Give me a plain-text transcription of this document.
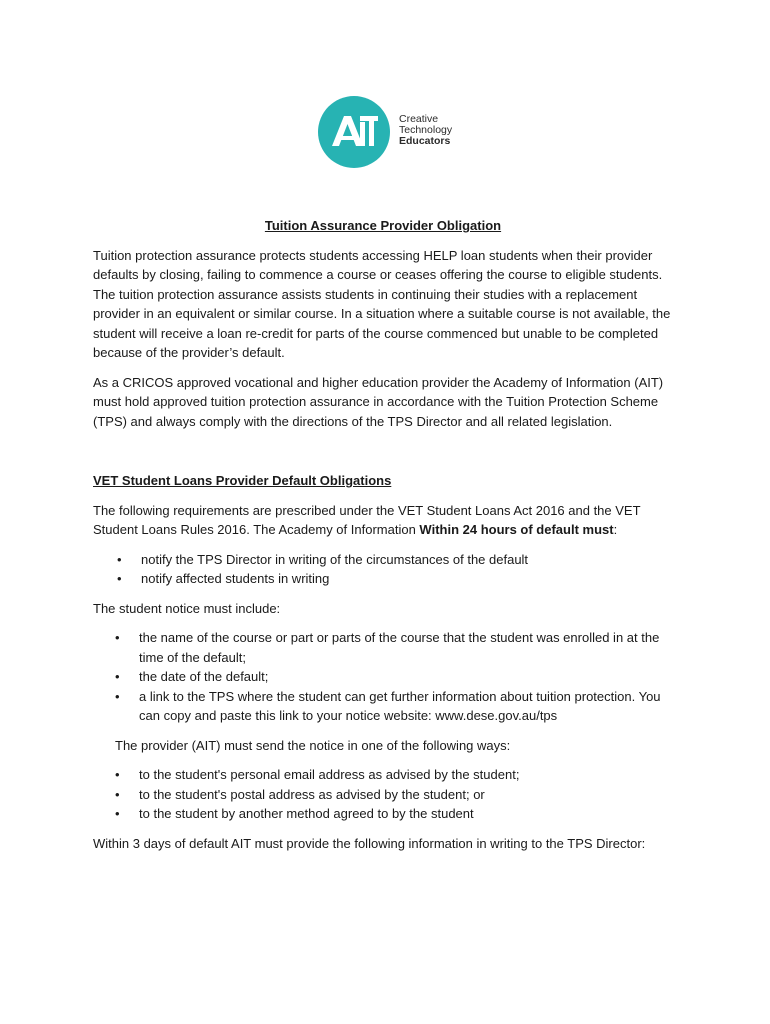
Creative
Technology
Educators
Tuition Assurance Provider Obligation

Tuition protection assurance protects students accessing HELP loan students when their provider defaults by closing, failing to commence a course or ceases offering the course to eligible students. The tuition protection assurance assists students in continuing their studies with a replacement provider in an equivalent or similar course. In a situation where a suitable course is not available, the student will receive a loan re-credit for parts of the course commenced but unable to be completed because of the provider’s default.

As a CRICOS approved vocational and higher education provider the Academy of Information (AIT) must hold approved tuition protection assurance in accordance with the Tuition Protection Scheme (TPS) and always comply with the directions of the TPS Director and all related legislation.

VET Student Loans Provider Default Obligations

The following requirements are prescribed under the VET Student Loans Act 2016 and the VET Student Loans Rules 2016. The Academy of Information Within 24 hours of default must:

• notify the TPS Director in writing of the circumstances of the default
• notify affected students in writing

The student notice must include:

• the name of the course or part or parts of the course that the student was enrolled in at the time of the default;
• the date of the default;
• a link to the TPS where the student can get further information about tuition protection. You can copy and paste this link to your notice website: www.dese.gov.au/tps

The provider (AIT) must send the notice in one of the following ways:

• to the student's personal email address as advised by the student;
• to the student's postal address as advised by the student; or
• to the student by another method agreed to by the student

Within 3 days of default AIT must provide the following information in writing to the TPS Director:
